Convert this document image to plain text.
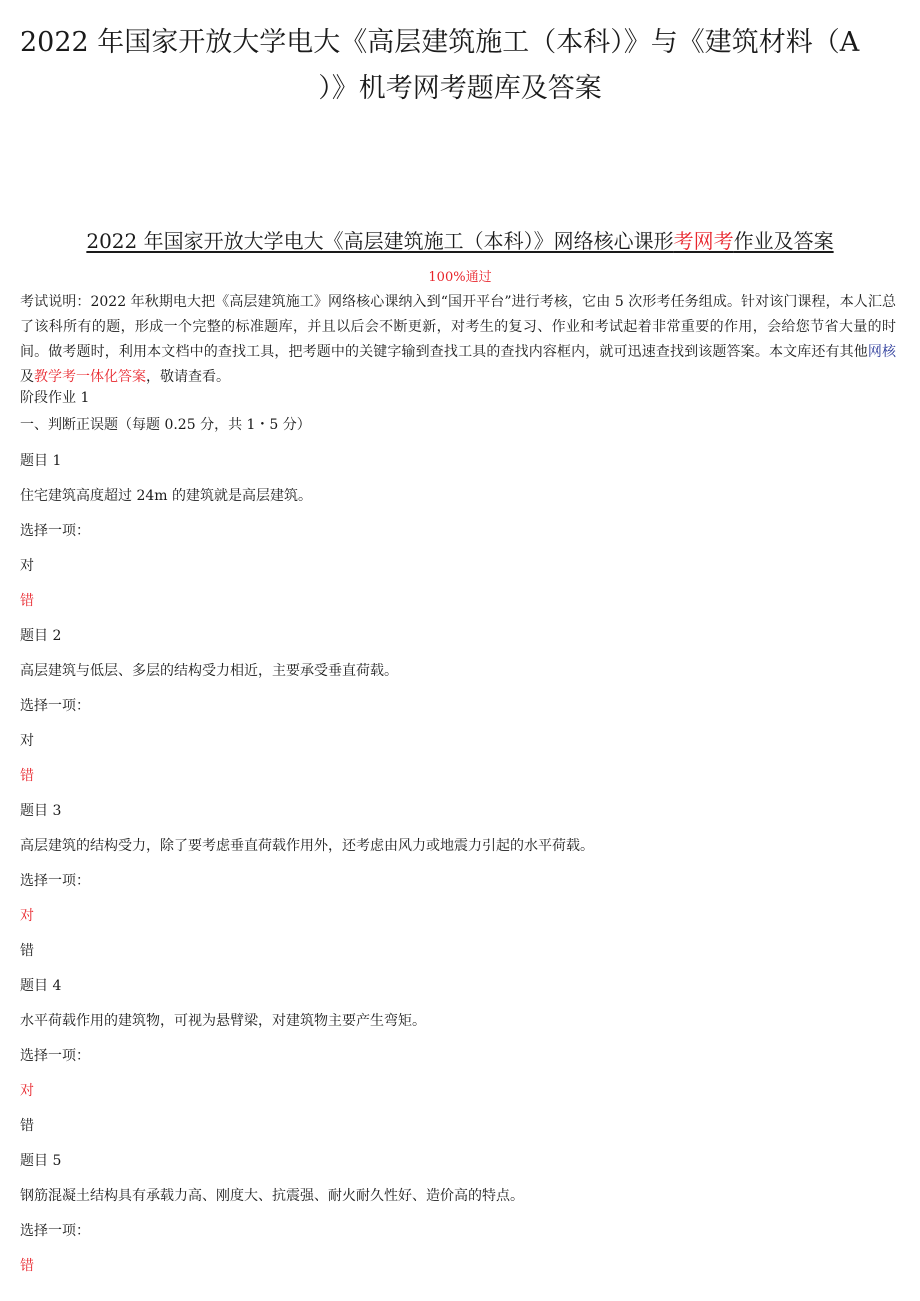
2022 年国家开放大学电大《高层建筑施工（本科）》与《建筑材料（A
）》机考网考题库及答案
2022 年国家开放大学电大《高层建筑施工（本科）》网络核心课形考网考作业及答案
100%通过
考试说明：2022 年秋期电大把《高层建筑施工》网络核心课纳入到“国开平台”进行考核，它由 5 次形考任务组成。针对该门课程，本人汇总了该科所有的题，形成一个完整的标准题库，并且以后会不断更新，对考生的复习、作业和考试起着非常重要的作用，会给您节省大量的时间。做考题时，利用本文档中的查找工具，把考题中的关键字输到查找工具的查找内容框内，就可迅速查找到该题答案。本文库还有其他网核及教学考一体化答案，敬请查看。
阶段作业 1
一、判断正误题（每题 0.25 分，共 1・5 分）
题目 1
住宅建筑高度超过 24m 的建筑就是高层建筑。
选择一项：
对
错
题目 2
高层建筑与低层、多层的结构受力相近，主要承受垂直荷载。
选择一项：
对
错
题目 3
高层建筑的结构受力，除了要考虑垂直荷载作用外，还考虑由风力或地震力引起的水平荷载。
选择一项：
对
错
题目 4
水平荷载作用的建筑物，可视为悬臂梁，对建筑物主要产生弯矩。
选择一项：
对
错
题目 5
钢筋混凝土结构具有承载力高、刚度大、抗震强、耐火耐久性好、造价高的特点。
选择一项：
错
